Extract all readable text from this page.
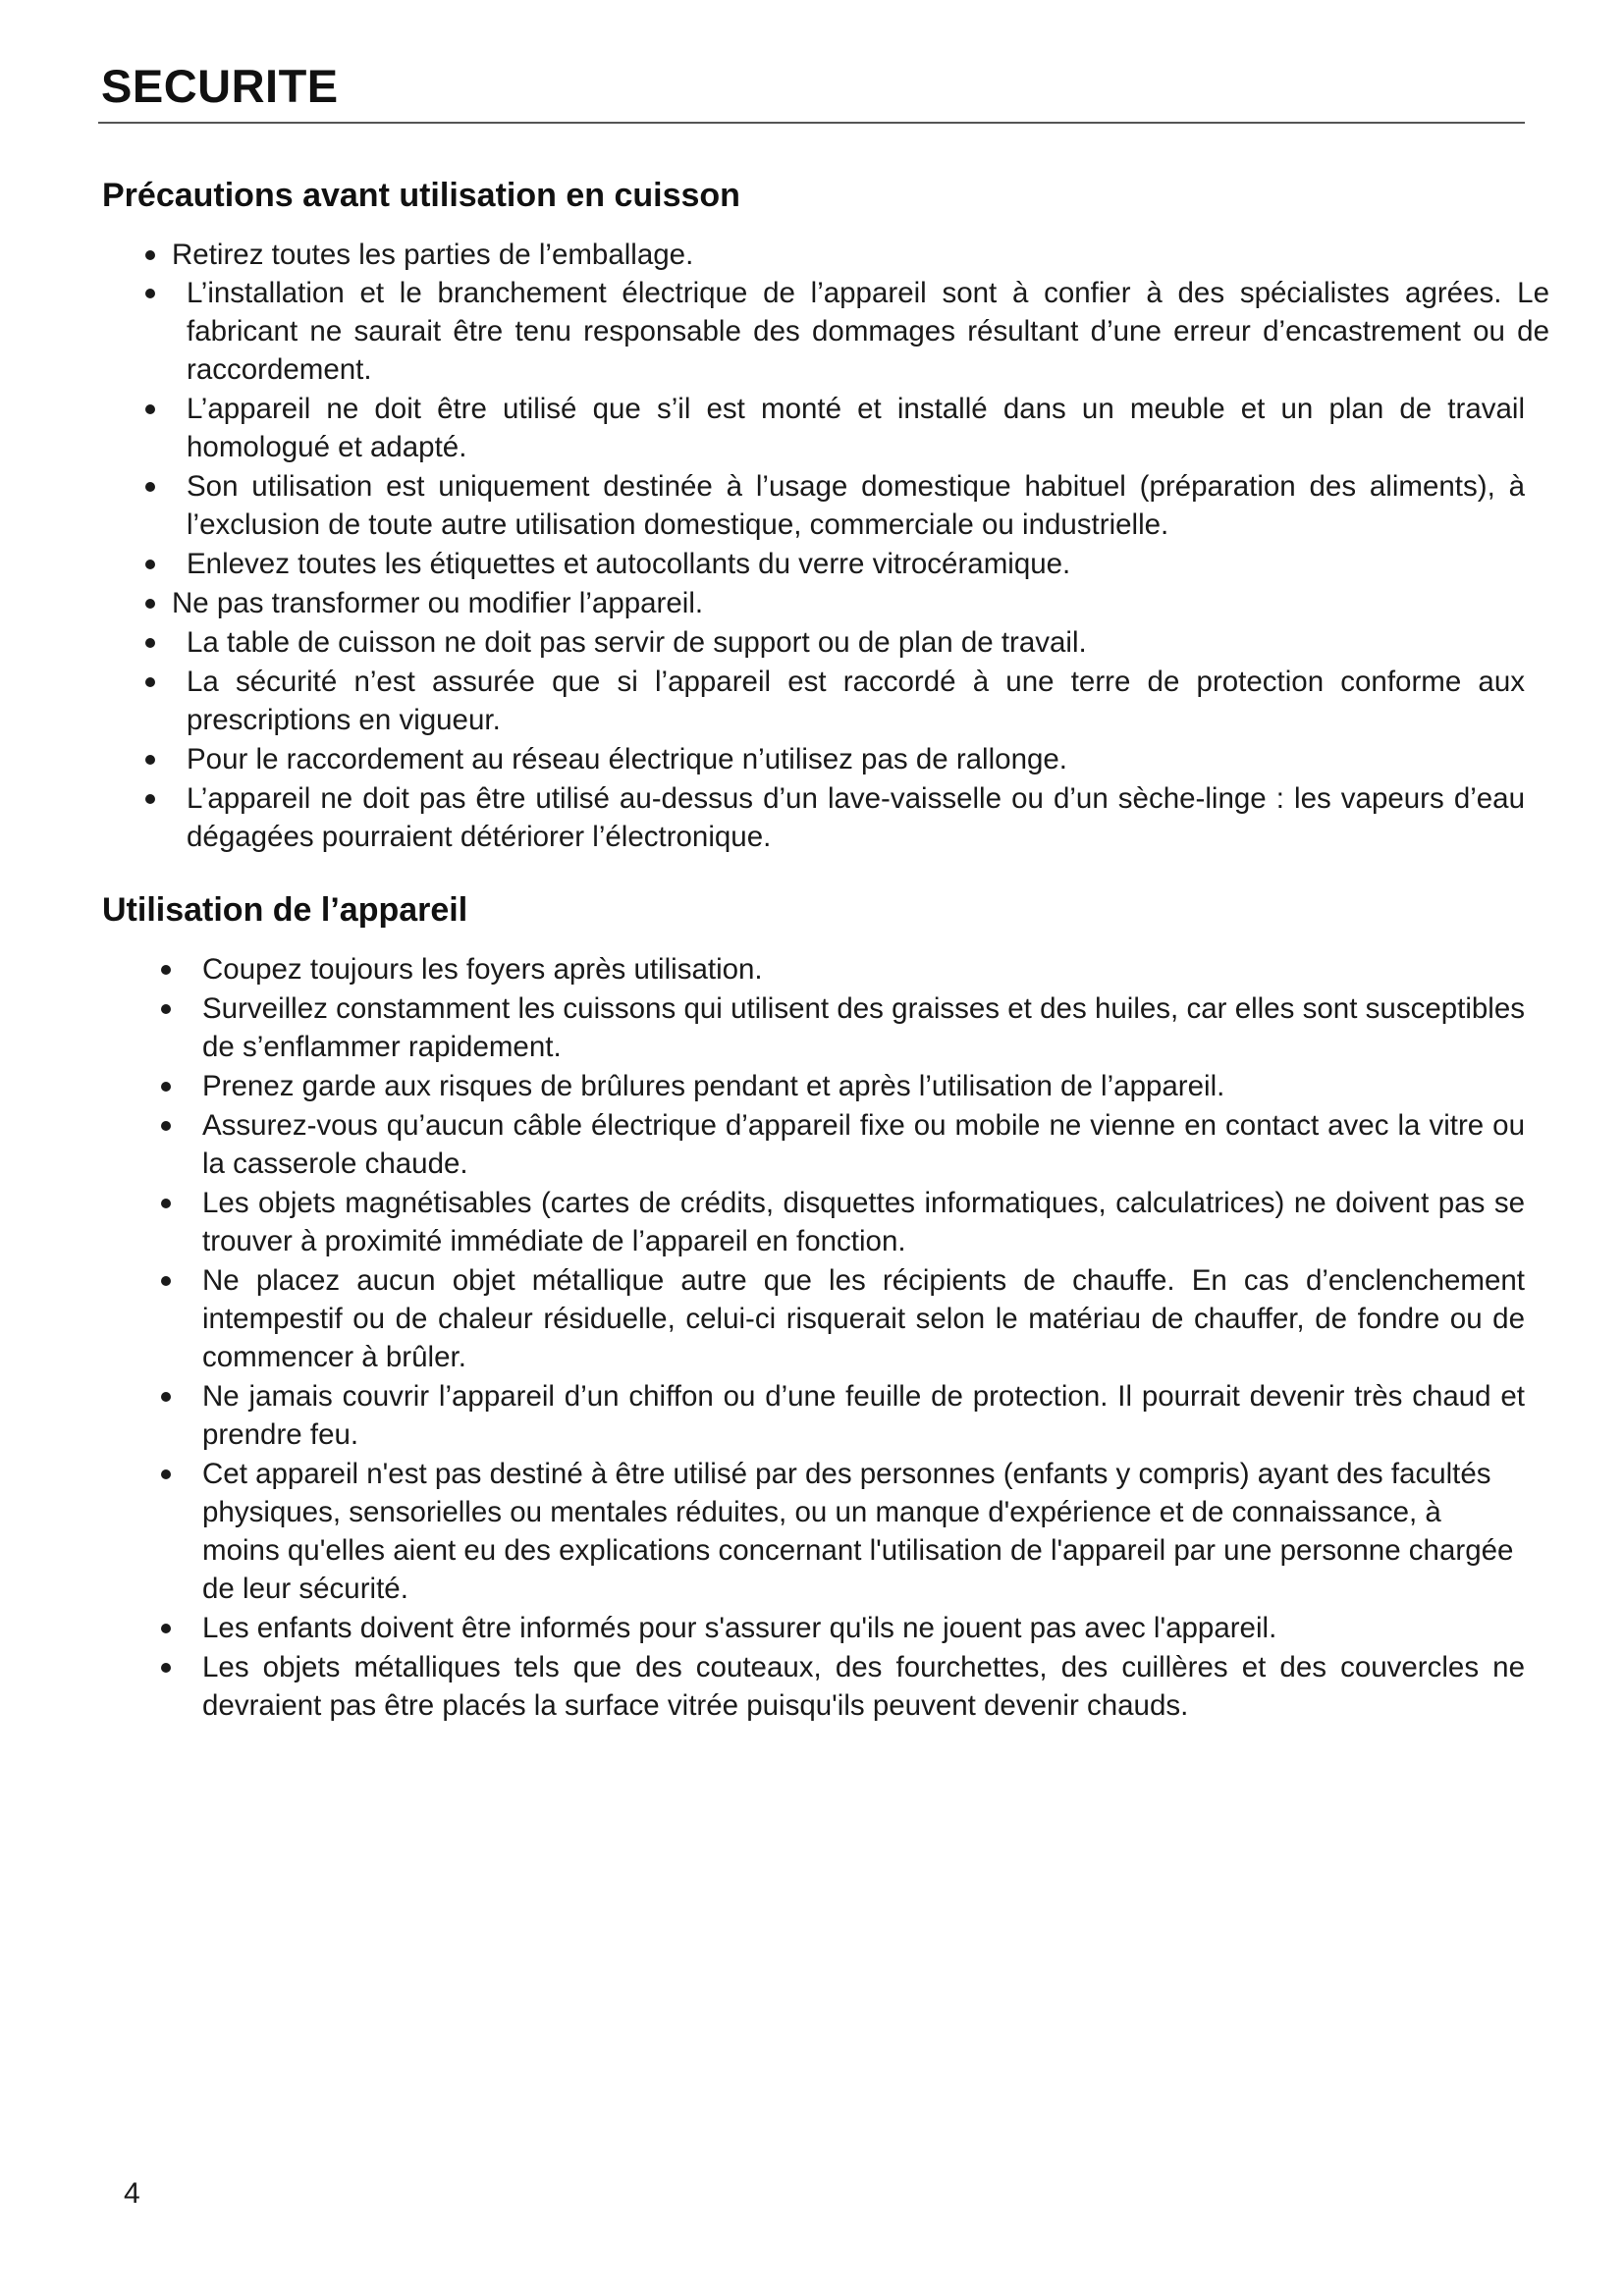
SECURITE
Précautions avant utilisation en cuisson
Retirez toutes les parties de l’emballage.
L’installation et le branchement électrique de l’appareil sont à confier à des spécialistes agrées. Le fabricant ne saurait être tenu responsable des dommages résultant d’une erreur d’encastrement ou de raccordement.
L’appareil ne doit être utilisé que s’il est monté et installé dans un meuble et un plan de travail homologué et adapté.
Son utilisation est uniquement destinée à l’usage domestique habituel (préparation des aliments), à l’exclusion de toute autre utilisation domestique, commerciale ou industrielle.
Enlevez toutes les étiquettes et autocollants du verre vitrocéramique.
Ne pas transformer ou modifier l’appareil.
La table de cuisson ne doit pas servir de support ou de plan de travail.
La sécurité n’est assurée que si l’appareil est raccordé à une terre de protection conforme aux prescriptions en vigueur.
Pour le raccordement au réseau électrique n’utilisez pas de rallonge.
L’appareil ne doit pas être utilisé au-dessus d’un lave-vaisselle ou d’un sèche-linge : les vapeurs d’eau dégagées pourraient détériorer l’électronique.
Utilisation de l’appareil
Coupez toujours les foyers après utilisation.
Surveillez constamment les cuissons qui utilisent des graisses et des huiles, car elles sont susceptibles de s’enflammer rapidement.
Prenez garde aux risques de brûlures pendant et après l’utilisation de l’appareil.
Assurez-vous qu’aucun câble électrique d’appareil fixe ou mobile ne vienne en contact avec la vitre ou la casserole chaude.
Les objets magnétisables (cartes de crédits, disquettes informatiques, calculatrices) ne doivent pas se trouver à proximité immédiate de l’appareil en fonction.
Ne placez aucun objet métallique autre que les récipients de chauffe. En cas d’enclenchement intempestif ou de chaleur résiduelle, celui-ci risquerait selon le matériau de chauffer, de fondre ou de commencer à brûler.
Ne jamais couvrir l’appareil d’un chiffon ou d’une feuille de protection. Il pourrait devenir très chaud et prendre feu.
Cet appareil n'est pas destiné à être utilisé par des personnes (enfants y compris) ayant des facultés physiques, sensorielles ou mentales réduites, ou un manque d'expérience et de connaissance, à moins qu'elles aient eu des explications concernant l'utilisation de l'appareil par une personne chargée de leur sécurité.
Les enfants doivent être informés pour s'assurer qu'ils ne jouent pas avec l'appareil.
Les objets métalliques tels que des couteaux, des fourchettes, des cuillères et des couvercles ne devraient pas être placés la surface vitrée puisqu'ils peuvent devenir chauds.

4
